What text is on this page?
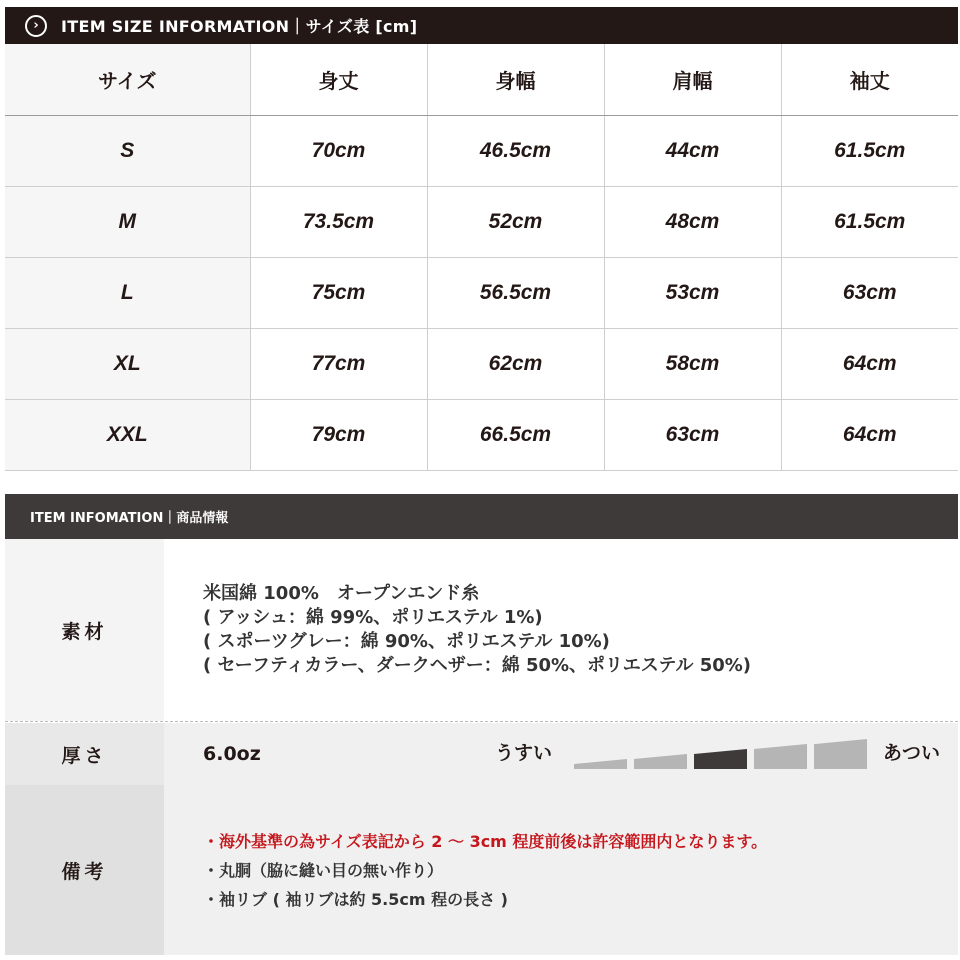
›	ITEM SIZE INFORMATION｜サイズ表 [cm]
サイズ	身丈	身幅	肩幅	袖丈
S	70cm	46.5cm	44cm	61.5cm
M	73.5cm	52cm	48cm	61.5cm
L	75cm	56.5cm	53cm	63cm
XL	77cm	62cm	58cm	64cm
XXL	79cm	66.5cm	63cm	64cm
ITEM INFOMATION｜商品情報
素材
米国綿 100%　オープンエンド糸
( アッシュ：綿 99%、ポリエステル 1%)
( スポーツグレー：綿 90%、ポリエステル 10%)
( セーフティカラー、ダークヘザー：綿 50%、ポリエステル 50%)
厚さ	6.0oz	うすい	あつい
備考
・海外基準の為サイズ表記から 2 ～ 3cm 程度前後は許容範囲内となります。
・丸胴（脇に縫い目の無い作り）
・袖リブ ( 袖リブは約 5.5cm 程の長さ )
